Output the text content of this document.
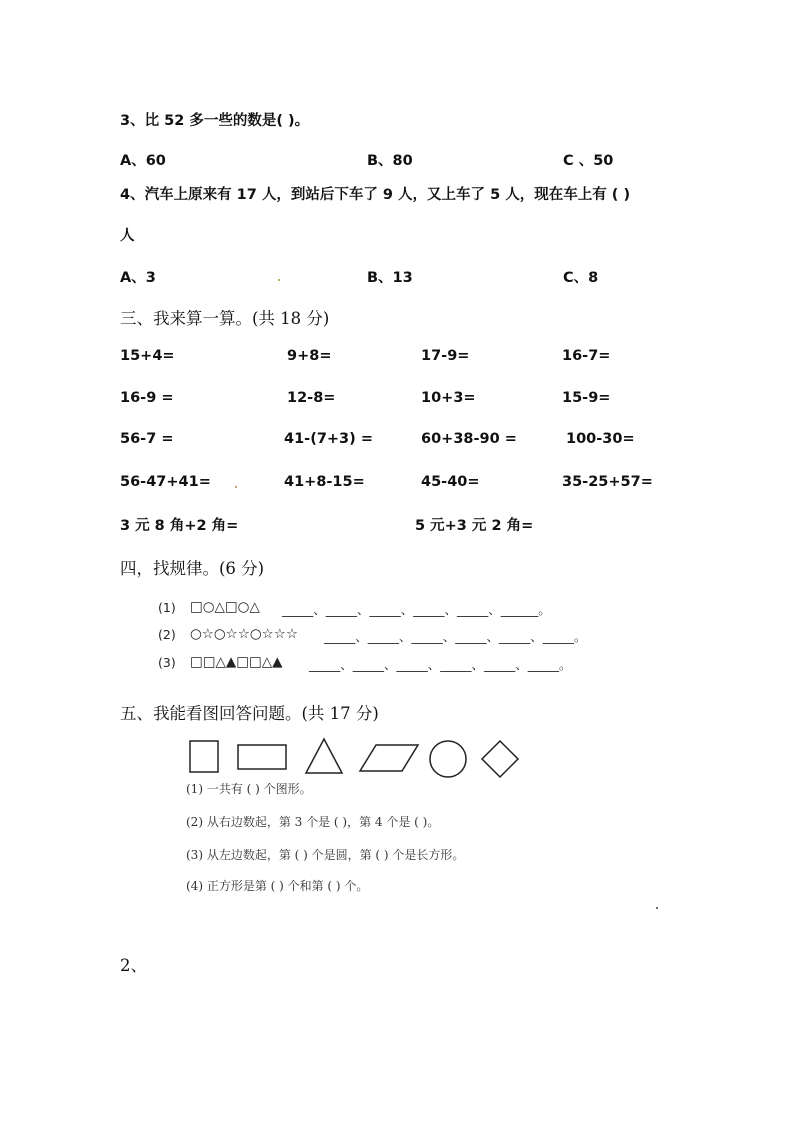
3、比 52 多一些的数是( )。
A、60	B、80	C 、50
4、汽车上原来有 17 人，到站后下车了 9 人，又上车了 5 人，现在车上有 ( )
人
A、3	B、13	C、8
三、我来算一算。(共 18 分)
15+4=	9+8=	17-9=	16-7=
16-9 =	12-8=	10+3=	15-9=
56-7 =	41-(7+3) =	60+38-90 =	100-30=
56-47+41=	41+8-15=	45-40=	35-25+57=
3 元 8 角+2 角=	5 元+3 元 2 角=
四，找规律。(6 分)
(1) □○△□○△ _____、_____、_____、_____、_____、______。
(2) ○☆○☆☆○☆☆☆ _____、_____、_____、_____、_____、_____。
(3) □□△▲□□△▲ _____、_____、_____、_____、_____、_____。
五、我能看图回答问题。(共 17 分)
(1) 一共有 ( ) 个图形。
(2) 从右边数起，第 3 个是 ( )，第 4 个是 ( )。
(3) 从左边数起，第 ( ) 个是圆，第 ( ) 个是长方形。
(4) 正方形是第 ( ) 个和第 ( ) 个。
2、
